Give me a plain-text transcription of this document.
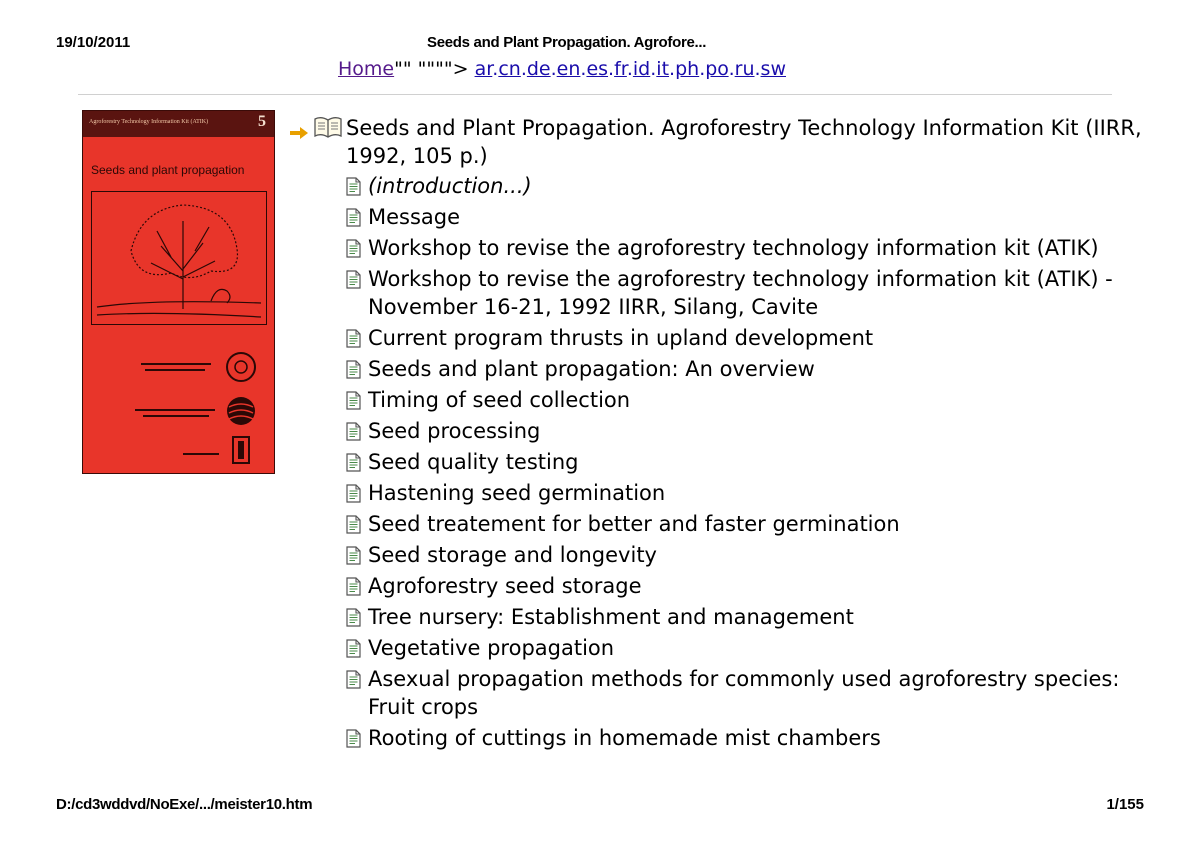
19/10/2011	Seeds and Plant Propagation. Agrofore...
Home"" """"> ar.cn.de.en.es.fr.id.it.ph.po.ru.sw
Agroforestry Technology Information Kit (ATIK)	5
Seeds and plant propagation
Seeds and Plant Propagation. Agroforestry Technology Information Kit (IIRR, 1992, 105 p.)
(introduction...)
Message
Workshop to revise the agroforestry technology information kit (ATIK)
Workshop to revise the agroforestry technology information kit (ATIK) - November 16-21, 1992 IIRR, Silang, Cavite
Current program thrusts in upland development
Seeds and plant propagation: An overview
Timing of seed collection
Seed processing
Seed quality testing
Hastening seed germination
Seed treatement for better and faster germination
Seed storage and longevity
Agroforestry seed storage
Tree nursery: Establishment and management
Vegetative propagation
Asexual propagation methods for commonly used agroforestry species: Fruit crops
Rooting of cuttings in homemade mist chambers
D:/cd3wddvd/NoExe/.../meister10.htm	1/155
